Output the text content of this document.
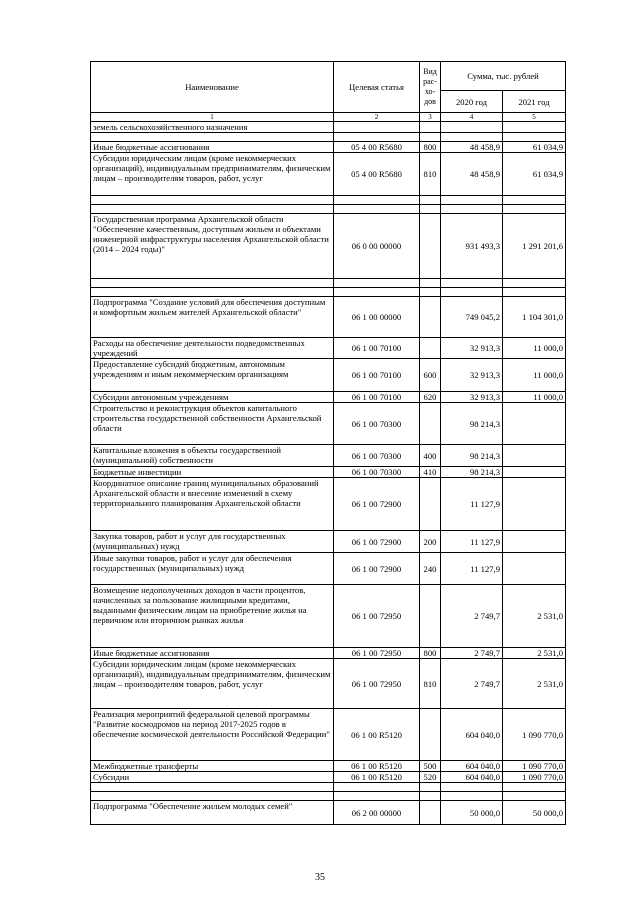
Наименование	Целевая статья	Вид рас- хо- дов	Сумма, тыс. рублей	
			2020 год	2021 год
1	2	3	4	5
земель сельскохозяйственного назначения				

Иные бюджетные ассигнования	05 4 00 R5680	800	48 458,9	61 034,9
Субсидии юридическим лицам (кроме некоммерческих организаций), индивидуальным предпринимателям, физическим лицам – производителям товаров, работ, услуг	05 4 00 R5680	810	48 458,9	61 034,9

Государственная программа Архангельской области "Обеспечение качественным, доступным жильем и объектами инженерной инфраструктуры населения Архангельской области (2014 – 2024 годы)"	06 0 00 00000		931 493,3	1 291 201,6

Подпрограмма "Создание условий для обеспечения доступным и комфортным жильем жителей Архангельской области"	06 1 00 00000		749 045,2	1 104 301,0
Расходы на обеспечение деятельности подведомственных учреждений	06 1 00 70100		32 913,3	11 000,0
Предоставление субсидий бюджетным, автономным учреждениям и иным некоммерческим организациям	06 1 00 70100	600	32 913,3	11 000,0
Субсидии автономным учреждениям	06 1 00 70100	620	32 913,3	11 000,0
Строительство и реконструкция объектов капитального строительства государственной собственности Архангельской области	06 1 00 70300		98 214,3	
Капитальные вложения в объекты государственной (муниципальной) собственности	06 1 00 70300	400	98 214,3	
Бюджетные инвестиции	06 1 00 70300	410	98 214,3	
Координатное описание границ муниципальных образований Архангельской области и внесение изменений в схему территориального планирования Архангельской области	06 1 00 72900		11 127,9	
Закупка товаров, работ и услуг для государственных (муниципальных) нужд	06 1 00 72900	200	11 127,9	
Иные закупки товаров, работ и услуг для обеспечения государственных (муниципальных) нужд	06 1 00 72900	240	11 127,9	
Возмещение недополученных доходов в части процентов, начисленных за пользование жилищными кредитами, выданными физическим лицам на приобретение жилья на первичном или вторичном рынках жилья	06 1 00 72950		2 749,7	2 531,0
Иные бюджетные ассигнования	06 1 00 72950	800	2 749,7	2 531,0
Субсидии юридическим лицам (кроме некоммерческих организаций), индивидуальным предпринимателям, физическим лицам – производителям товаров, работ, услуг	06 1 00 72950	810	2 749,7	2 531,0
Реализация мероприятий федеральной целевой программы "Развитие космодромов на период 2017-2025 годов в обеспечение космической деятельности Российской Федерации"	06 1 00 R5120		604 040,0	1 090 770,0
Межбюджетные трансферты	06 1 00 R5120	500	604 040,0	1 090 770,0
Субсидии	06 1 00 R5120	520	604 040,0	1 090 770,0

Подпрограмма "Обеспечение жильем молодых семей"	06 2 00 00000		50 000,0	50 000,0
35
